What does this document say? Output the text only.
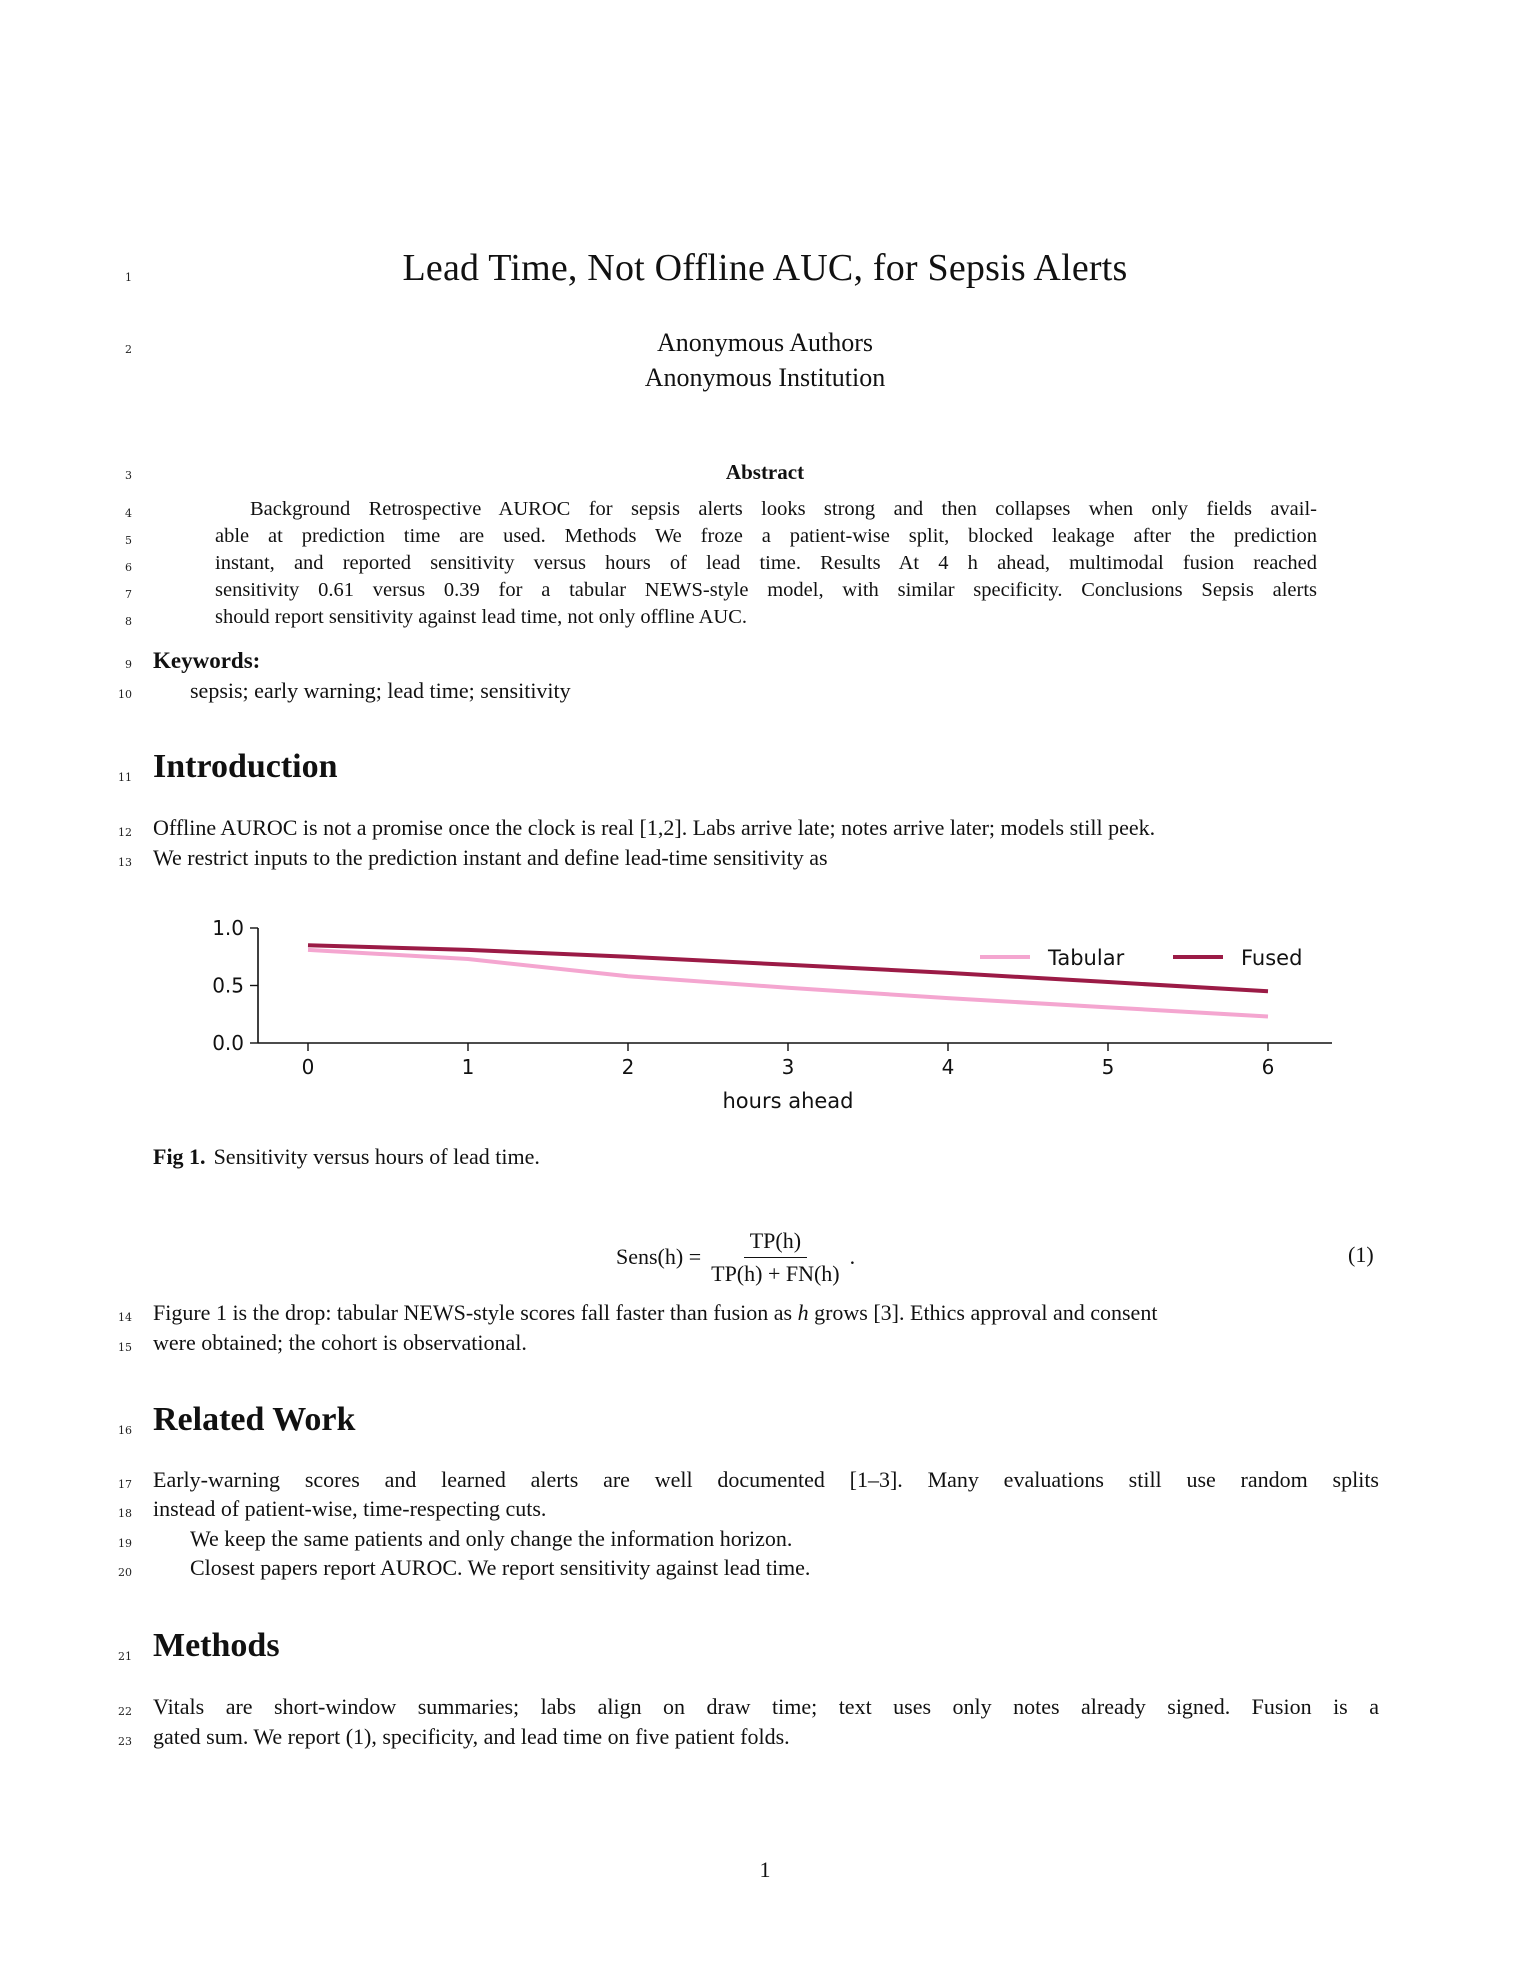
1
2
3
4
5
6
7
8
9
10
11
12
13
14
15
16
17
18
19
20
21
22
23
Lead Time, Not Offline AUC, for Sepsis Alerts
Anonymous Authors
Anonymous Institution
Abstract
Background Retrospective AUROC for sepsis alerts looks strong and then collapses when only fields avail-
able at prediction time are used. Methods We froze a patient-wise split, blocked leakage after the prediction
instant, and reported sensitivity versus hours of lead time. Results At 4 h ahead, multimodal fusion reached
sensitivity 0.61 versus 0.39 for a tabular NEWS-style model, with similar specificity. Conclusions Sepsis alerts
should report sensitivity against lead time, not only offline AUC.
Keywords:
sepsis; early warning; lead time; sensitivity
Introduction
Offline AUROC is not a promise once the clock is real [1,2]. Labs arrive late; notes arrive later; models still peek.
We restrict inputs to the prediction instant and define lead-time sensitivity as
0.0
0.5
1.0
0	1	2	3	4	5	6
hours ahead
Tabular	Fused
Fig 1. Sensitivity versus hours of lead time.
Sens(h) = $\frac{TP(h)}{TP(h) + FN(h)}$ .	(1)
Figure 1 is the drop: tabular NEWS-style scores fall faster than fusion as h grows [3]. Ethics approval and consent
were obtained; the cohort is observational.
Related Work
Early-warning scores and learned alerts are well documented [1–3]. Many evaluations still use random splits
instead of patient-wise, time-respecting cuts.
We keep the same patients and only change the information horizon.
Closest papers report AUROC. We report sensitivity against lead time.
Methods
Vitals are short-window summaries; labs align on draw time; text uses only notes already signed. Fusion is a
gated sum. We report (1), specificity, and lead time on five patient folds.
1
